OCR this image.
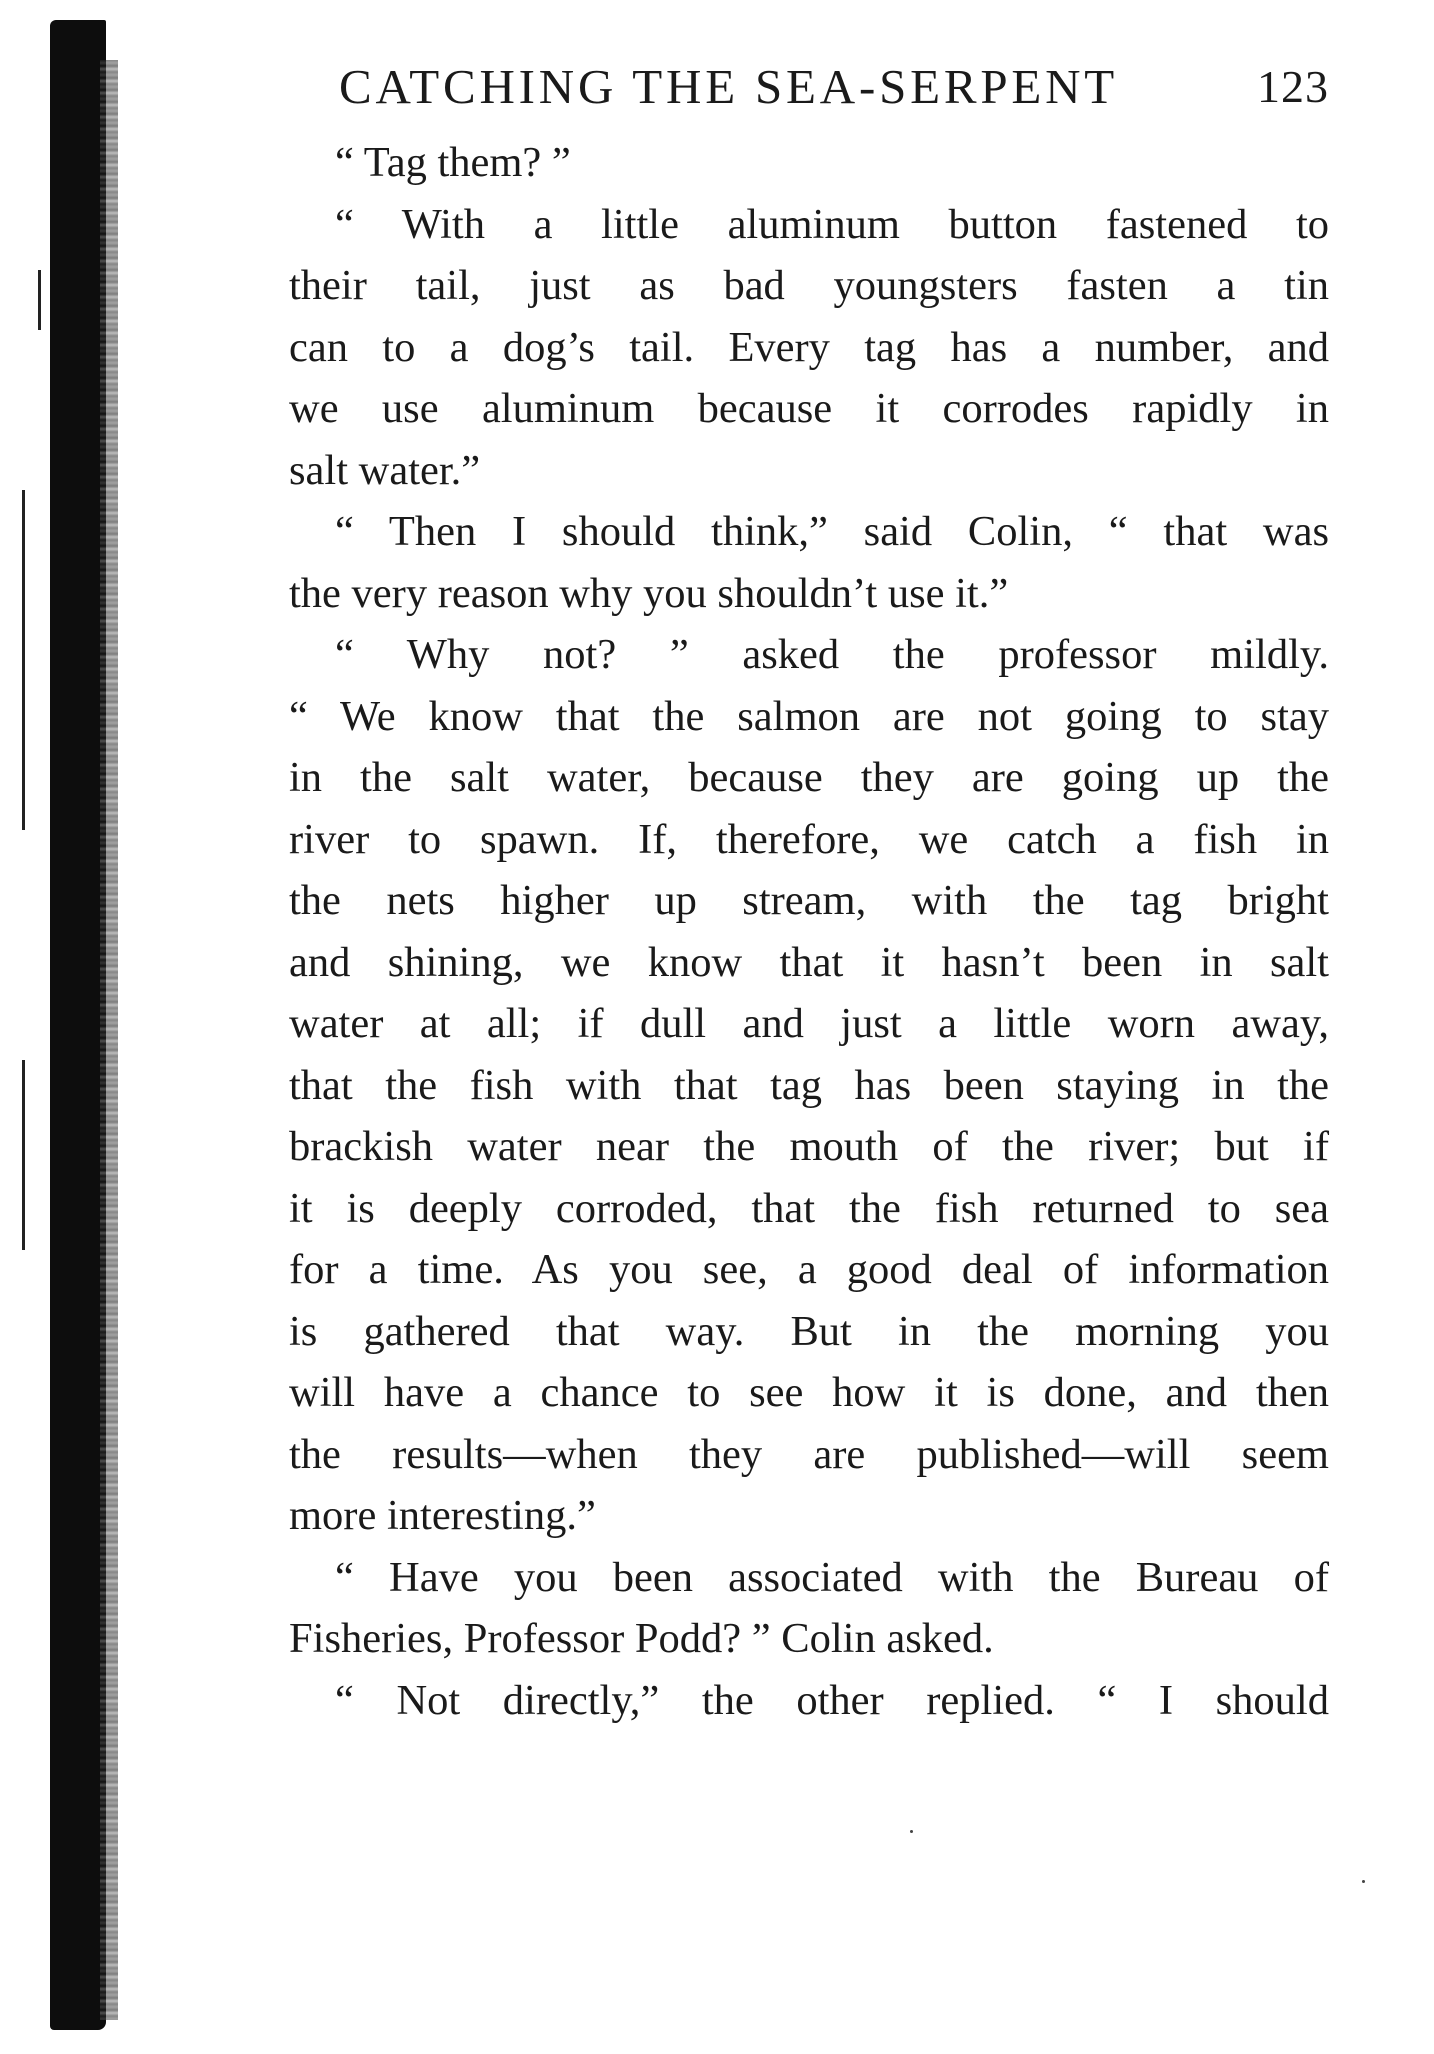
CATCHING THE SEA-SERPENT	123
“ Tag them? ”
“ With a little aluminum button fastened to
their tail, just as bad youngsters fasten a tin
can to a dog’s tail. Every tag has a number, and
we use aluminum because it corrodes rapidly in
salt water.”
“ Then I should think,” said Colin, “ that was
the very reason why you shouldn’t use it.”
“ Why not? ” asked the professor mildly.
“ We know that the salmon are not going to stay
in the salt water, because they are going up the
river to spawn. If, therefore, we catch a fish in
the nets higher up stream, with the tag bright
and shining, we know that it hasn’t been in salt
water at all; if dull and just a little worn away,
that the fish with that tag has been staying in the
brackish water near the mouth of the river; but if
it is deeply corroded, that the fish returned to sea
for a time. As you see, a good deal of information
is gathered that way. But in the morning you
will have a chance to see how it is done, and then
the results—when they are published—will seem
more interesting.”
“ Have you been associated with the Bureau of
Fisheries, Professor Podd? ” Colin asked.
“ Not directly,” the other replied. “ I should
